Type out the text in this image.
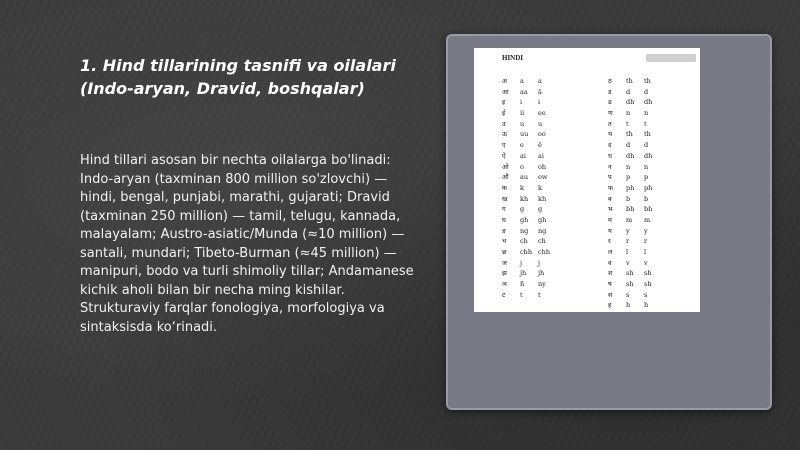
1. Hind tillarining tasnifi va oilalari (Indo-aryan, Dravid, boshqalar)
Hind tillari asosan bir nechta oilalarga bo'linadi: Indo-aryan (taxminan 800 million so'zlovchi) — hindi, bengal, punjabi, marathi, gujarati; Dravid (taxminan 250 million) — tamil, telugu, kannada, malayalam; Austro-asiatic/Munda (≈10 million) — santali, mundari; Tibeto-Burman (≈45 million) — manipuri, bodo va turli shimoliy tillar; Andamanese kichik aholi bilan bir necha ming kishilar. Strukturaviy farqlar fonologiya, morfologiya va sintaksisda ko‘rinadi.
HINDI
अ a a
आ aa ā
इ i i
ई ii ee
उ u u
ऊ uu oo
ए e ē
ऐ ai ai
ओ o oh
औ au ow
क k k
ख kh kh
ग g g
घ gh gh
ङ ng ng
च ch ch
छ chh chh
ज j j
झ jh jh
ञ ñ ny
ट t t
ठ th th
ड d d
ढ dh dh
ण n n
त t t
थ th th
द d d
ध dh dh
न n n
प p p
फ ph ph
ब b b
भ bh bh
म m m
य y y
र r r
ल l l
व v v
श sh sh
ष sh sh
स s s
ह h h
